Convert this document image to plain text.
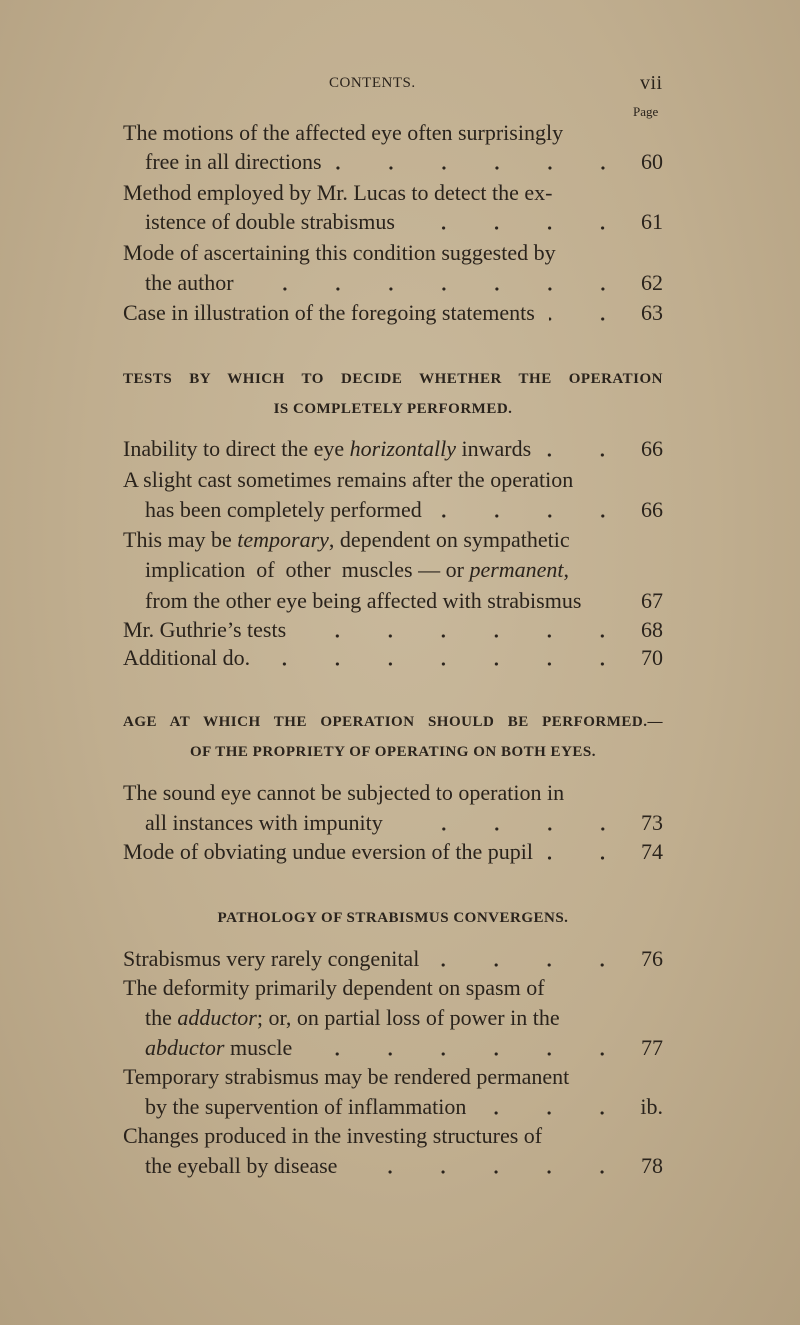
CONTENTS.	vii
Page
The motions of the affected eye often surprisingly
free in all directions	60
Method employed by Mr. Lucas to detect the ex-
istence of double strabismus	61
Mode of ascertaining this condition suggested by
the author	62
Case in illustration of the foregoing statements	63
TESTS BY WHICH TO DECIDE WHETHER THE OPERATION
IS COMPLETELY PERFORMED.
Inability to direct the eye horizontally inwards	66
A slight cast sometimes remains after the operation
has been completely performed	66
This may be temporary, dependent on sympathetic
implication  of  other  muscles — or permanent,
from the other eye being affected with strabismus	67
Mr. Guthrie’s tests	68
Additional do.	70
AGE AT WHICH THE OPERATION SHOULD BE PERFORMED.—
OF THE PROPRIETY OF OPERATING ON BOTH EYES.
The sound eye cannot be subjected to operation in
all instances with impunity	73
Mode of obviating undue eversion of the pupil	74
PATHOLOGY OF STRABISMUS CONVERGENS.
Strabismus very rarely congenital	76
The deformity primarily dependent on spasm of
the adductor; or, on partial loss of power in the
abductor muscle	77
Temporary strabismus may be rendered permanent
by the supervention of inflammation	ib.
Changes produced in the investing structures of
the eyeball by disease	78
